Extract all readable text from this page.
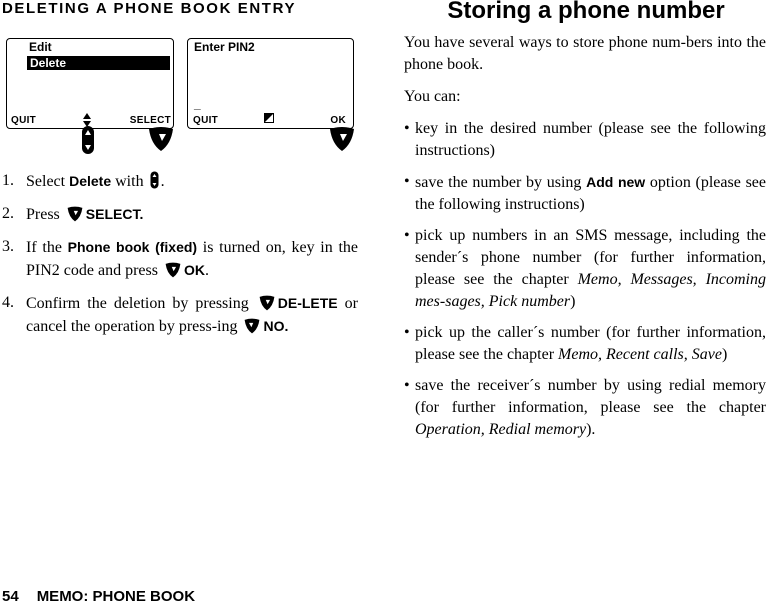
DELETING A PHONE BOOK ENTRY
Edit
Delete
QUIT	SELECT
Enter PIN2
_
QUIT	OK
1. Select Delete with .
2. Press SELECT.
3. If the Phone book (fixed) is turned on, key in the PIN2 code and press OK.
4. Confirm the deletion by pressing DE-LETE or cancel the operation by press-ing NO.
54 MEMO: PHONE BOOK
Storing a phone number

You have several ways to store phone num-bers into the phone book.

You can:

• key in the desired number (please see the following instructions)
• save the number by using Add new option (please see the following instructions)
• pick up numbers in an SMS message, including the sender´s phone number (for further information, please see the chapter Memo, Messages, Incoming mes-sages, Pick number)
• pick up the caller´s number (for further information, please see the chapter Memo, Recent calls, Save)
• save the receiver´s number by using redial memory (for further information, please see the chapter Operation, Redial memory).
